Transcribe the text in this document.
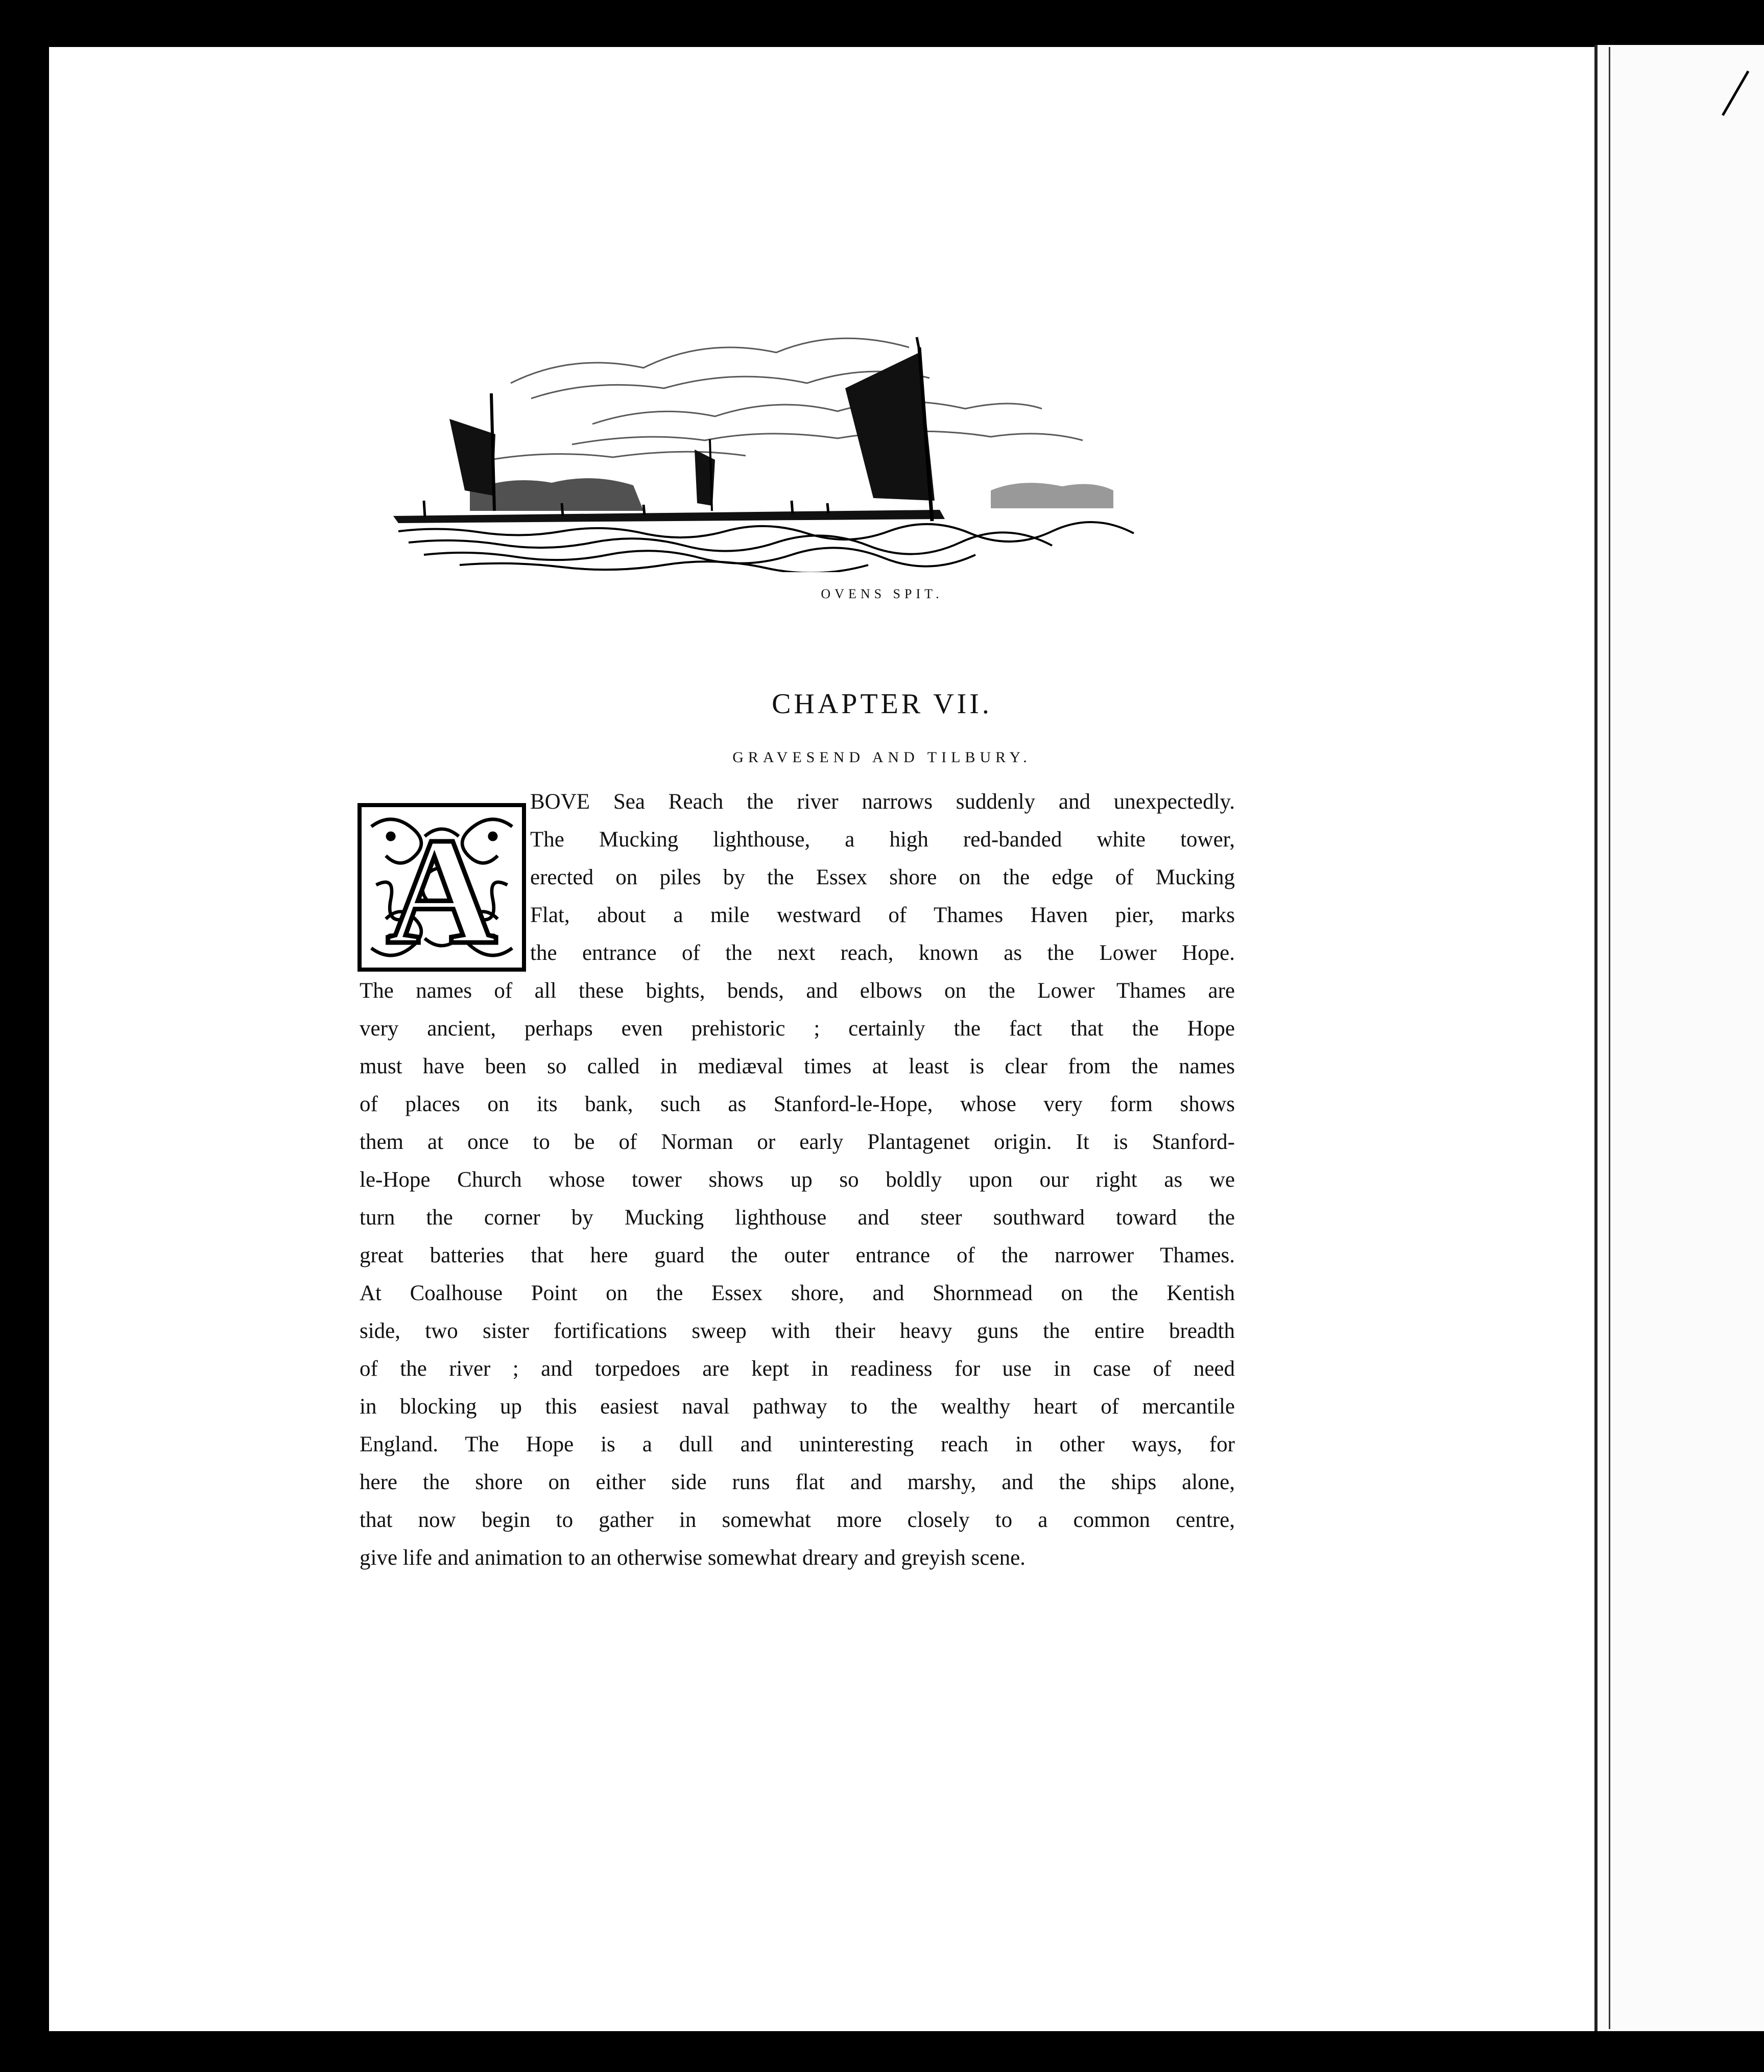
OVENS SPIT.
CHAPTER VII.
GRAVESEND AND TILBURY.
A
BOVE Sea Reach the river narrows suddenly and unexpectedly.
The Mucking lighthouse, a high red-banded white tower,
erected on piles by the Essex shore on the edge of Mucking
Flat, about a mile westward of Thames Haven pier, marks
the entrance of the next reach, known as the Lower Hope.
The names of all these bights, bends, and elbows on the Lower Thames are
very ancient, perhaps even prehistoric ; certainly the fact that the Hope
must have been so called in mediæval times at least is clear from the names
of places on its bank, such as Stanford-le-Hope, whose very form shows
them at once to be of Norman or early Plantagenet origin. It is Stanford-
le-Hope Church whose tower shows up so boldly upon our right as we
turn the corner by Mucking lighthouse and steer southward toward the
great batteries that here guard the outer entrance of the narrower Thames.
At Coalhouse Point on the Essex shore, and Shornmead on the Kentish
side, two sister fortifications sweep with their heavy guns the entire breadth
of the river ; and torpedoes are kept in readiness for use in case of need
in blocking up this easiest naval pathway to the wealthy heart of mercantile
England. The Hope is a dull and uninteresting reach in other ways, for
here the shore on either side runs flat and marshy, and the ships alone,
that now begin to gather in somewhat more closely to a common centre,
give life and animation to an otherwise somewhat dreary and greyish scene.
